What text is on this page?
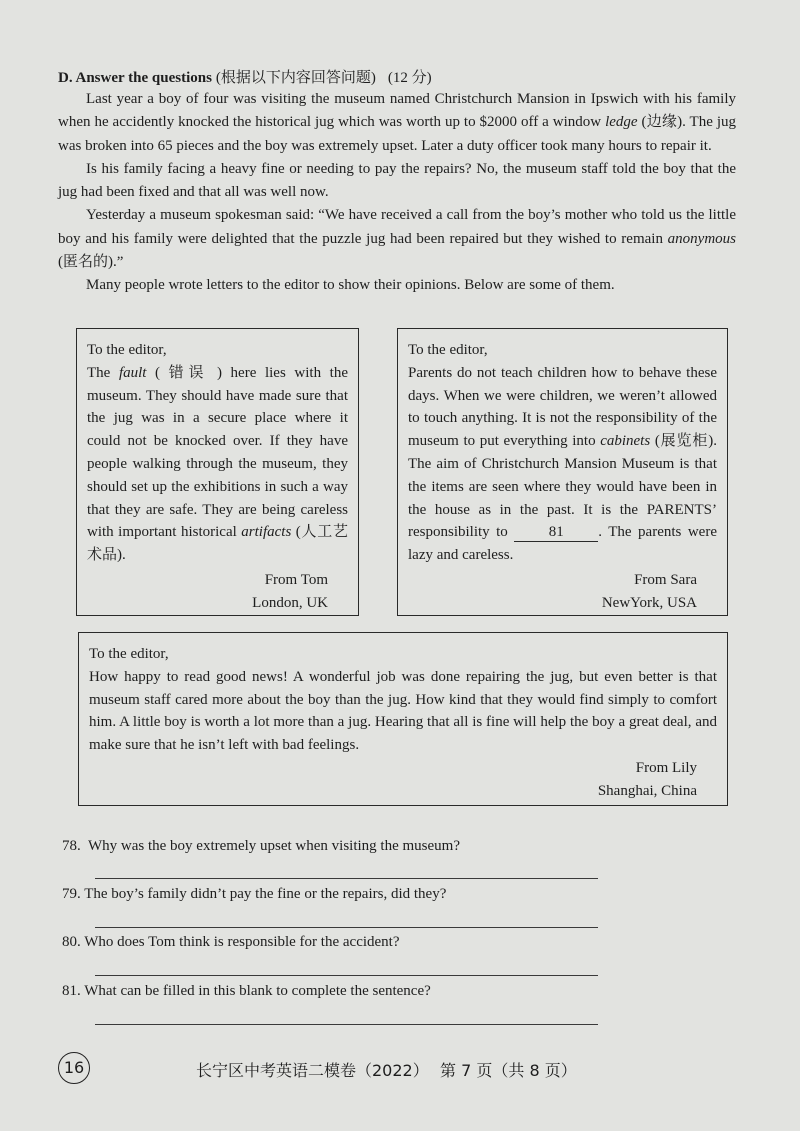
D. Answer the questions (根据以下内容回答问题) (12 分)

Last year a boy of four was visiting the museum named Christchurch Mansion in Ipswich with his family when he accidently knocked the historical jug which was worth up to $2000 off a window ledge (边缘). The jug was broken into 65 pieces and the boy was extremely upset. Later a duty officer took many hours to repair it.

Is his family facing a heavy fine or needing to pay the repairs? No, the museum staff told the boy that the jug had been fixed and that all was well now.

Yesterday a museum spokesman said: “We have received a call from the boy’s mother who told us the little boy and his family were delighted that the puzzle jug had been repaired but they wished to remain anonymous (匿名的).”

Many people wrote letters to the editor to show their opinions. Below are some of them.

To the editor,
The fault ( 错误 ) here lies with the museum. They should have made sure that the jug was in a secure place where it could not be knocked over. If they have people walking through the museum, they should set up the exhibitions in such a way that they are safe. They are being careless with important historical artifacts (人工艺术品).
From Tom
London, UK
To the editor,
Parents do not teach children how to behave these days. When we were children, we weren’t allowed to touch anything. It is not the responsibility of the museum to put everything into cabinets (展览柜). The aim of Christchurch Mansion Museum is that the items are seen where they would have been in the house as in the past. It is the PARENTS’ responsibility to 81 . The parents were lazy and careless.
From Sara
NewYork, USA
To the editor,
How happy to read good news! A wonderful job was done repairing the jug, but even better is that museum staff cared more about the boy than the jug. How kind that they would find simply to comfort him. A little boy is worth a lot more than a jug. Hearing that all is fine will help the boy a great deal, and make sure that he isn’t left with bad feelings.
From Lily
Shanghai, China
78. Why was the boy extremely upset when visiting the museum?
79. The boy’s family didn’t pay the fine or the repairs, did they?
80. Who does Tom think is responsible for the accident?
81. What can be filled in this blank to complete the sentence?
16	长宁区中考英语二模卷（2022） 第 7 页（共 8 页）
